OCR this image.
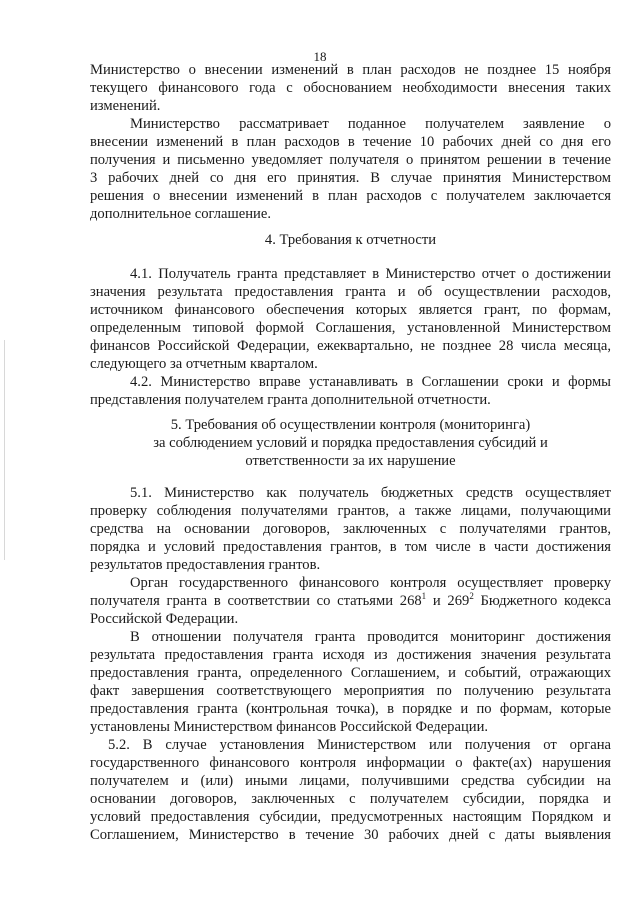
18
Министерство о внесении изменений в план расходов не позднее 15 ноября
текущего финансового года с обоснованием необходимости внесения таких
изменений.
Министерство рассматривает поданное получателем заявление о
внесении изменений в план расходов в течение 10 рабочих дней со дня его
получения и письменно уведомляет получателя о принятом решении в течение
3 рабочих дней со дня его принятия. В случае принятия Министерством
решения о внесении изменений в план расходов с получателем заключается
дополнительное соглашение.
4. Требования к отчетности
4.1. Получатель гранта представляет в Министерство отчет о достижении
значения результата предоставления гранта и об осуществлении расходов,
источником финансового обеспечения которых является грант, по формам,
определенным типовой формой Соглашения, установленной Министерством
финансов Российской Федерации, ежеквартально, не позднее 28 числа месяца,
следующего за отчетным кварталом.
4.2. Министерство вправе устанавливать в Соглашении сроки и формы
представления получателем гранта дополнительной отчетности.
5. Требования об осуществлении контроля (мониторинга)
за соблюдением условий и порядка предоставления субсидий и
ответственности за их нарушение
5.1. Министерство как получатель бюджетных средств осуществляет
проверку соблюдения получателями грантов, а также лицами, получающими
средства на основании договоров, заключенных с получателями грантов,
порядка и условий предоставления грантов, в том числе в части достижения
результатов предоставления грантов.
Орган государственного финансового контроля осуществляет проверку
получателя гранта в соответствии со статьями $268^1$ и $269^2$ Бюджетного кодекса
Российской Федерации.
В отношении получателя гранта проводится мониторинг достижения
результата предоставления гранта исходя из достижения значения результата
предоставления гранта, определенного Соглашением, и событий, отражающих
факт завершения соответствующего мероприятия по получению результата
предоставления гранта (контрольная точка), в порядке и по формам, которые
установлены Министерством финансов Российской Федерации.
5.2. В случае установления Министерством или получения от органа
государственного финансового контроля информации о факте(ах) нарушения
получателем и (или) иными лицами, получившими средства субсидии на
основании договоров, заключенных с получателем субсидии, порядка и
условий предоставления субсидии, предусмотренных настоящим Порядком и
Соглашением, Министерство в течение 30 рабочих дней с даты выявления
